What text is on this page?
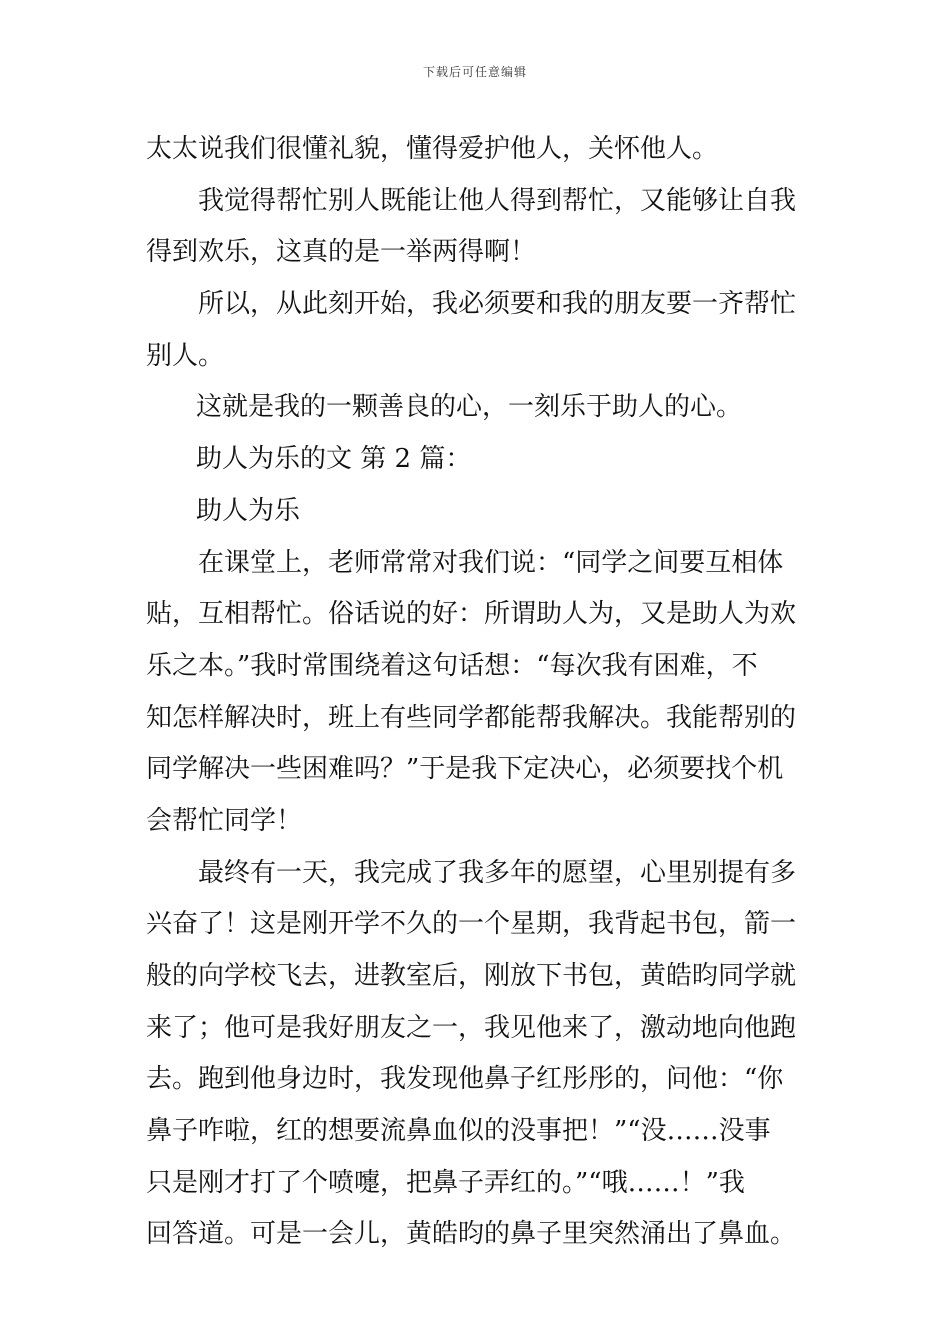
下载后可任意编辑
太太说我们很懂礼貌，懂得爱护他人，关怀他人。
我觉得帮忙别人既能让他人得到帮忙，又能够让自我
得到欢乐，这真的是一举两得啊！
所以，从此刻开始，我必须要和我的朋友要一齐帮忙
别人。
这就是我的一颗善良的心，一刻乐于助人的心。
助人为乐的文 第 2 篇：
助人为乐
在课堂上，老师常常对我们说：“同学之间要互相体
贴，互相帮忙。俗话说的好：所谓助人为，又是助人为欢
乐之本。”我时常围绕着这句话想：“每次我有困难，不
知怎样解决时，班上有些同学都能帮我解决。我能帮别的
同学解决一些困难吗？”于是我下定决心，必须要找个机
会帮忙同学！
最终有一天，我完成了我多年的愿望，心里别提有多
兴奋了！这是刚开学不久的一个星期，我背起书包，箭一
般的向学校飞去，进教室后，刚放下书包，黄皓昀同学就
来了；他可是我好朋友之一，我见他来了，激动地向他跑
去。跑到他身边时，我发现他鼻子红彤彤的，问他：“你
鼻子咋啦，红的想要流鼻血似的没事把！”“没……没事
只是刚才打了个喷嚏，把鼻子弄红的。”“哦……！”我
回答道。可是一会儿，黄皓昀的鼻子里突然涌出了鼻血。
